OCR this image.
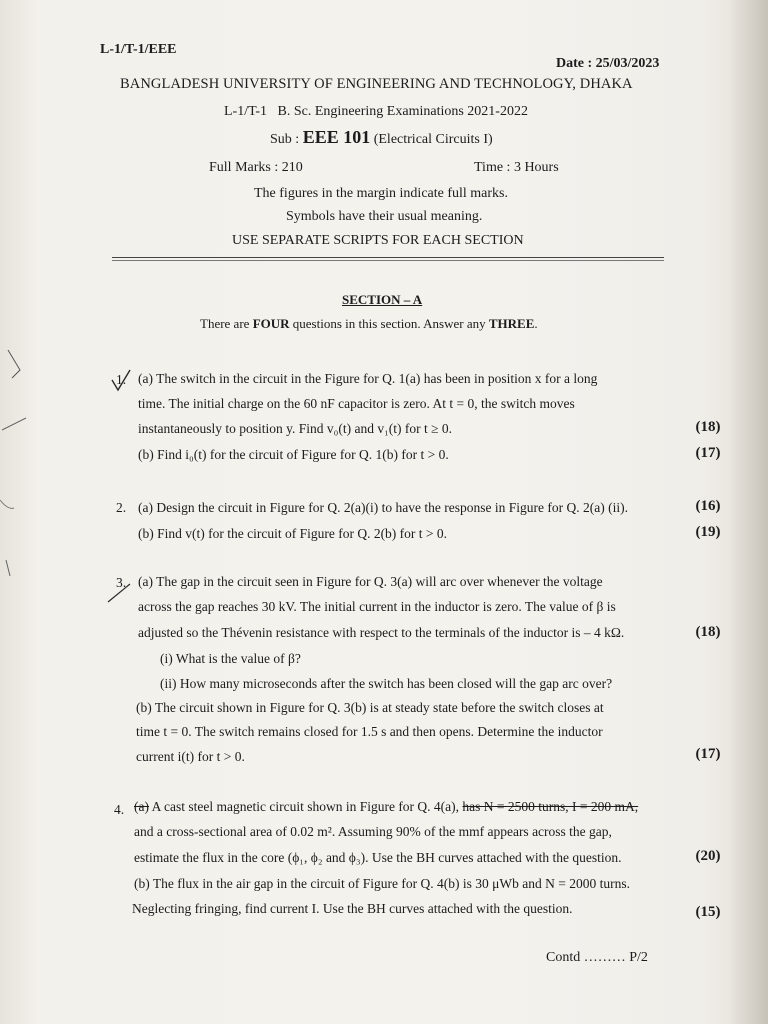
L-1/T-1/EEE
Date : 25/03/2023
BANGLADESH UNIVERSITY OF ENGINEERING AND TECHNOLOGY, DHAKA
L-1/T-1 B. Sc. Engineering Examinations 2021-2022
Sub : EEE 101 (Electrical Circuits I)
Full Marks : 210	Time : 3 Hours
The figures in the margin indicate full marks.
Symbols have their usual meaning.
USE SEPARATE SCRIPTS FOR EACH SECTION
SECTION – A
There are FOUR questions in this section. Answer any THREE.
1. (a) The switch in the circuit in the Figure for Q. 1(a) has been in position x for a long
time. The initial charge on the 60 nF capacitor is zero. At t = 0, the switch moves
instantaneously to position y. Find v₀(t) and v₁(t) for t ≥ 0.	(18)
(b) Find i₀(t) for the circuit of Figure for Q. 1(b) for t > 0.	(17)
2. (a) Design the circuit in Figure for Q. 2(a)(i) to have the response in Figure for Q. 2(a) (ii).	(16)
(b) Find v(t) for the circuit of Figure for Q. 2(b) for t > 0.	(19)
3. (a) The gap in the circuit seen in Figure for Q. 3(a) will arc over whenever the voltage
across the gap reaches 30 kV. The initial current in the inductor is zero. The value of β is
adjusted so the Thévenin resistance with respect to the terminals of the inductor is – 4 kΩ.	(18)
(i) What is the value of β?
(ii) How many microseconds after the switch has been closed will the gap arc over?
(b) The circuit shown in Figure for Q. 3(b) is at steady state before the switch closes at
time t = 0. The switch remains closed for 1.5 s and then opens. Determine the inductor
current i(t) for t > 0.	(17)
4. (a) A cast steel magnetic circuit shown in Figure for Q. 4(a), has N = 2500 turns, I = 200 mA,
and a cross-sectional area of 0.02 m². Assuming 90% of the mmf appears across the gap,
estimate the flux in the core (ϕ₁, ϕ₂ and ϕ₃). Use the BH curves attached with the question.	(20)
(b) The flux in the air gap in the circuit of Figure for Q. 4(b) is 30 μWb and N = 2000 turns.
Neglecting fringing, find current I. Use the BH curves attached with the question.	(15)
Contd ……… P/2
